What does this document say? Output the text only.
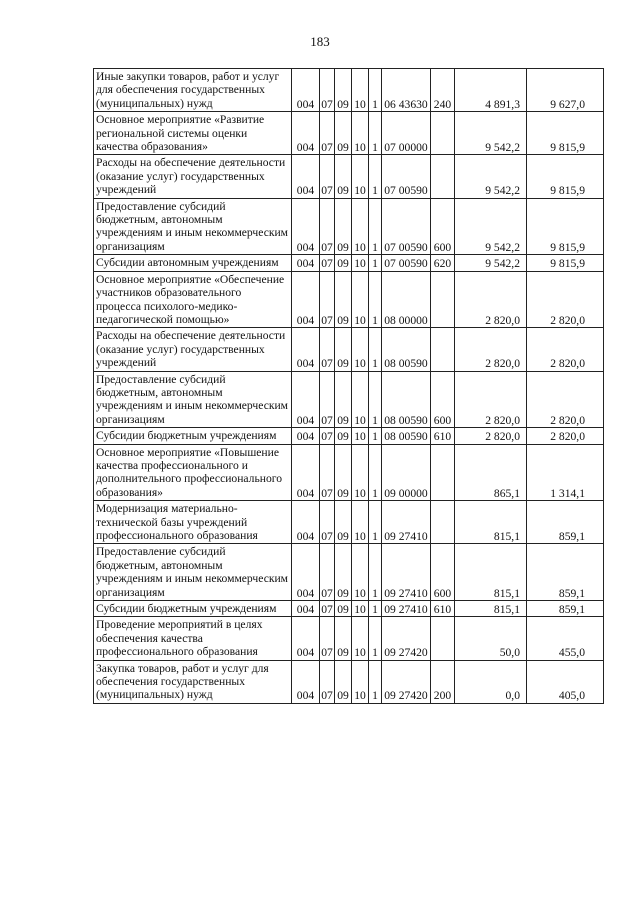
183
Иные закупки товаров, работ и услуг для обеспечения государственных (муниципальных) нужд	004	07	09	10	1	06 43630	240	4 891,3	9 627,0
Основное мероприятие «Развитие региональной системы оценки качества образования»	004	07	09	10	1	07 00000		9 542,2	9 815,9
Расходы на обеспечение деятельности (оказание услуг) государственных учреждений	004	07	09	10	1	07 00590		9 542,2	9 815,9
Предоставление субсидий бюджетным, автономным учреждениям и иным некоммерческим организациям	004	07	09	10	1	07 00590	600	9 542,2	9 815,9
Субсидии автономным учреждениям	004	07	09	10	1	07 00590	620	9 542,2	9 815,9
Основное мероприятие «Обеспечение участников образовательного процесса психолого-медико-педагогической помощью»	004	07	09	10	1	08 00000		2 820,0	2 820,0
Расходы на обеспечение деятельности (оказание услуг) государственных учреждений	004	07	09	10	1	08 00590		2 820,0	2 820,0
Предоставление субсидий бюджетным, автономным учреждениям и иным некоммерческим организациям	004	07	09	10	1	08 00590	600	2 820,0	2 820,0
Субсидии бюджетным учреждениям	004	07	09	10	1	08 00590	610	2 820,0	2 820,0
Основное мероприятие «Повышение качества профессионального и дополнительного профессионального образования»	004	07	09	10	1	09 00000		865,1	1 314,1
Модернизация материально-технической базы учреждений профессионального образования	004	07	09	10	1	09 27410		815,1	859,1
Предоставление субсидий бюджетным, автономным учреждениям и иным некоммерческим организациям	004	07	09	10	1	09 27410	600	815,1	859,1
Субсидии бюджетным учреждениям	004	07	09	10	1	09 27410	610	815,1	859,1
Проведение мероприятий в целях обеспечения качества профессионального образования	004	07	09	10	1	09 27420		50,0	455,0
Закупка товаров, работ и услуг для обеспечения государственных (муниципальных) нужд	004	07	09	10	1	09 27420	200	0,0	405,0
